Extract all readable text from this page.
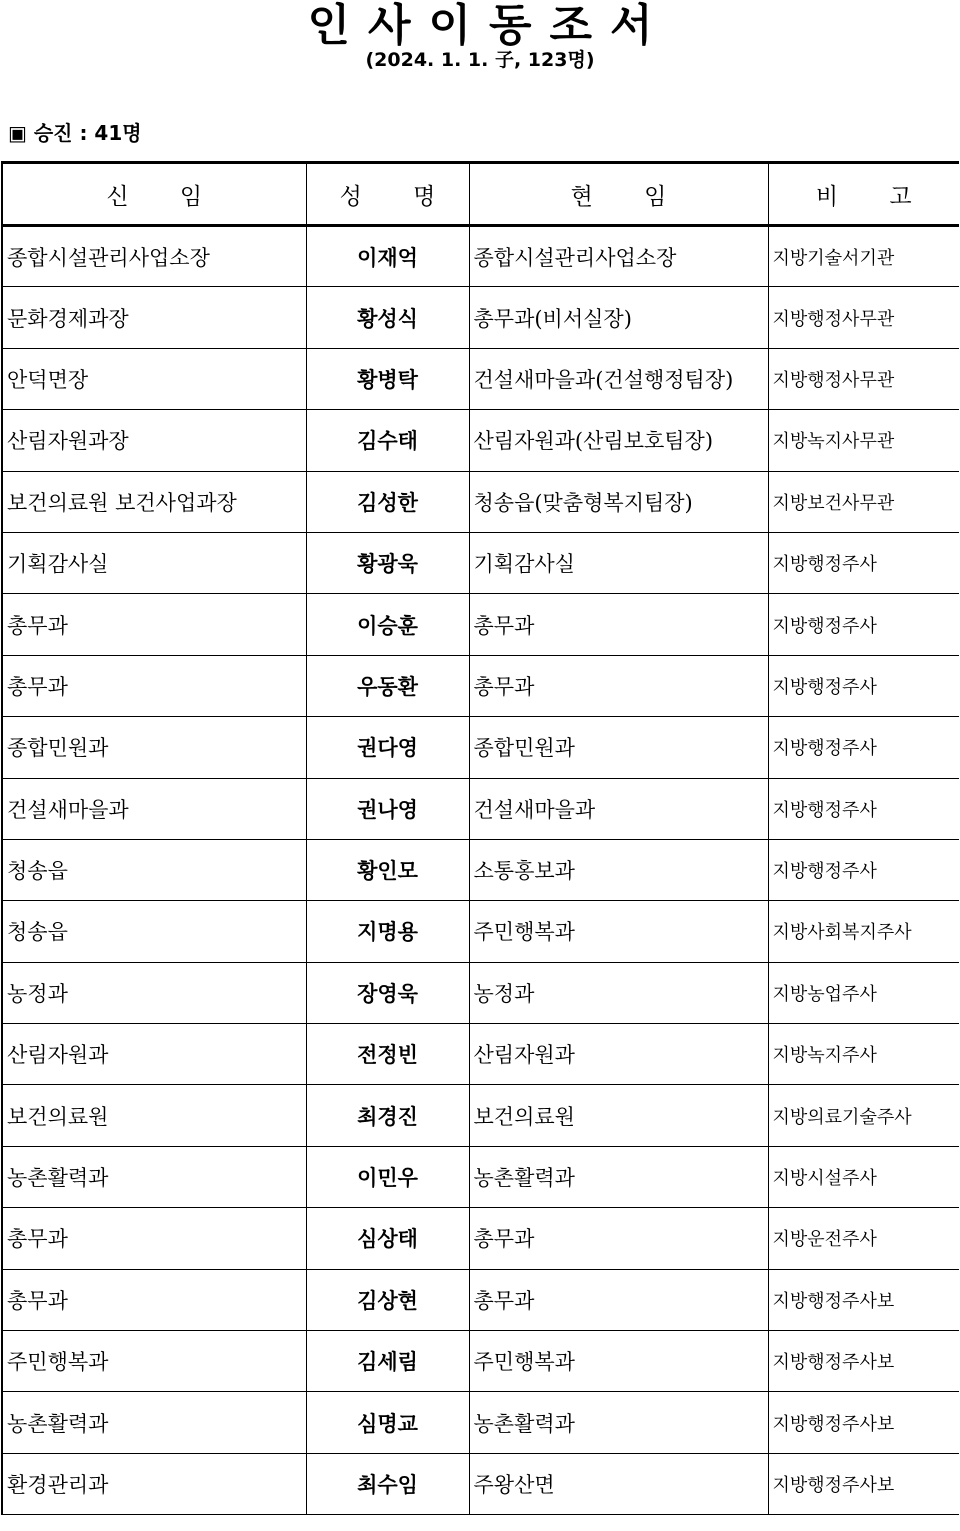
인사이동조서
(2024. 1. 1. 子, 123명)
▣ 승진 : 41명
신 임	성 명	현 임	비 고
종합시설관리사업소장	이재억	종합시설관리사업소장	지방기술서기관
문화경제과장	황성식	총무과(비서실장)	지방행정사무관
안덕면장	황병탁	건설새마을과(건설행정팀장)	지방행정사무관
산림자원과장	김수태	산림자원과(산림보호팀장)	지방녹지사무관
보건의료원 보건사업과장	김성한	청송읍(맞춤형복지팀장)	지방보건사무관
기획감사실	황광욱	기획감사실	지방행정주사
총무과	이승훈	총무과	지방행정주사
총무과	우동환	총무과	지방행정주사
종합민원과	권다영	종합민원과	지방행정주사
건설새마을과	권나영	건설새마을과	지방행정주사
청송읍	황인모	소통홍보과	지방행정주사
청송읍	지명용	주민행복과	지방사회복지주사
농정과	장영욱	농정과	지방농업주사
산림자원과	전정빈	산림자원과	지방녹지주사
보건의료원	최경진	보건의료원	지방의료기술주사
농촌활력과	이민우	농촌활력과	지방시설주사
총무과	심상태	총무과	지방운전주사
총무과	김상현	총무과	지방행정주사보
주민행복과	김세림	주민행복과	지방행정주사보
농촌활력과	심명교	농촌활력과	지방행정주사보
환경관리과	최수임	주왕산면	지방행정주사보
